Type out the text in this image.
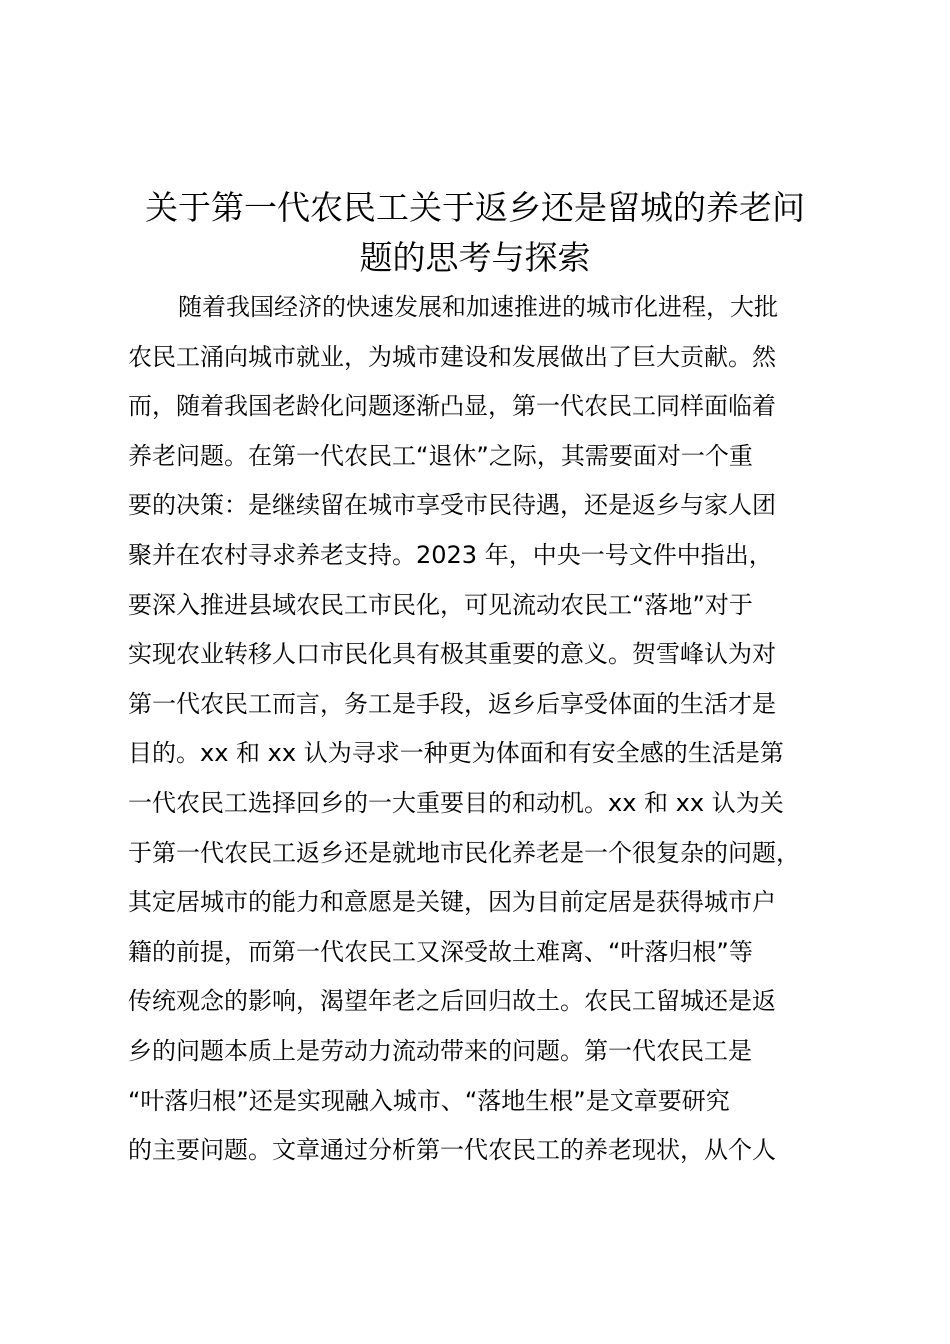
关于第一代农民工关于返乡还是留城的养老问
题的思考与探索
随着我国经济的快速发展和加速推进的城市化进程，大批
农民工涌向城市就业，为城市建设和发展做出了巨大贡献。然
而，随着我国老龄化问题逐渐凸显，第一代农民工同样面临着
养老问题。在第一代农民工“退休”之际，其需要面对一个重
要的决策：是继续留在城市享受市民待遇，还是返乡与家人团
聚并在农村寻求养老支持。2023 年，中央一号文件中指出，
要深入推进县域农民工市民化，可见流动农民工“落地”对于
实现农业转移人口市民化具有极其重要的意义。贺雪峰认为对
第一代农民工而言，务工是手段，返乡后享受体面的生活才是
目的。xx 和 xx 认为寻求一种更为体面和有安全感的生活是第
一代农民工选择回乡的一大重要目的和动机。xx 和 xx 认为关
于第一代农民工返乡还是就地市民化养老是一个很复杂的问题，
其定居城市的能力和意愿是关键，因为目前定居是获得城市户
籍的前提，而第一代农民工又深受故土难离、“叶落归根”等
传统观念的影响，渴望年老之后回归故土。农民工留城还是返
乡的问题本质上是劳动力流动带来的问题。第一代农民工是
“叶落归根”还是实现融入城市、“落地生根”是文章要研究
的主要问题。文章通过分析第一代农民工的养老现状，从个人
